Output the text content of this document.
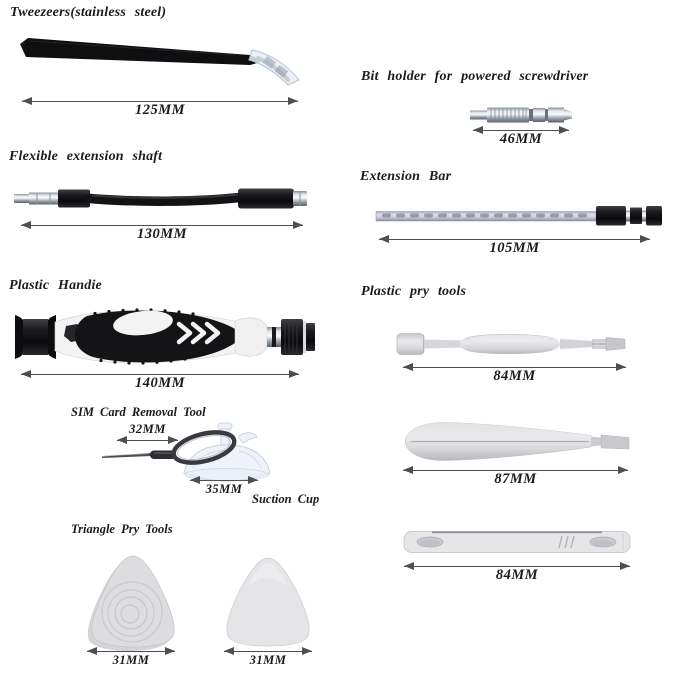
Tweezeers(stainless steel)
125MM
Flexible extension shaft
130MM
Plastic Handie
140MM
SIM Card Removal Tool
32MM
35MM
Suction Cup
Triangle Pry Tools
31MM	31MM
Bit holder for powered screwdriver
46MM
Extension Bar
105MM
Plastic pry tools
84MM
87MM
84MM
